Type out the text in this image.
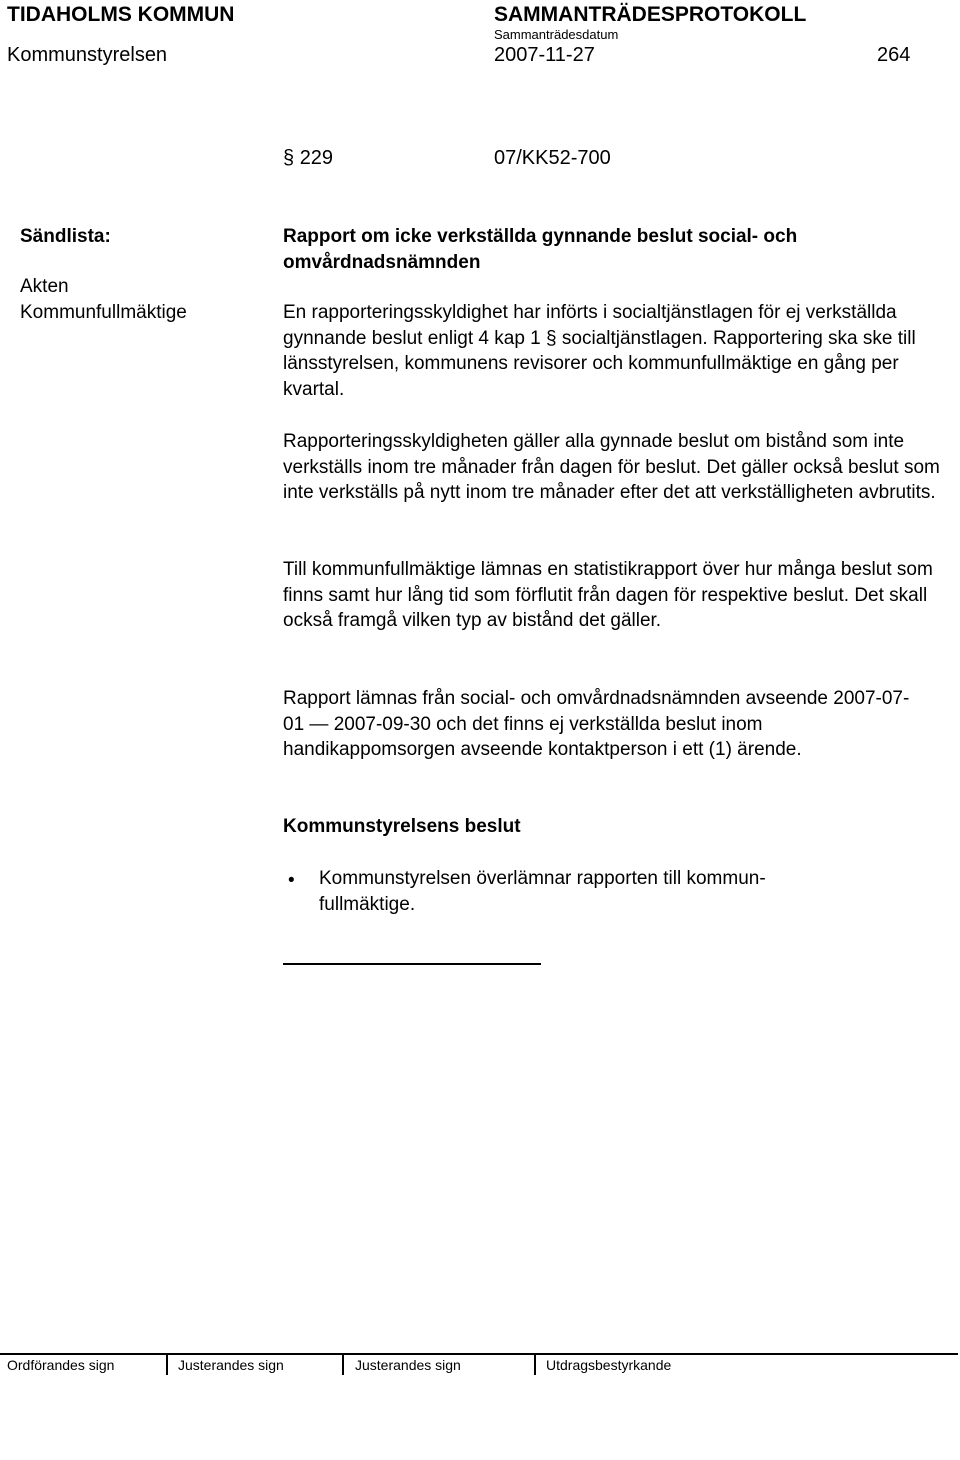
TIDAHOLMS KOMMUN	SAMMANTRÄDESPROTOKOLL
Sammanträdesdatum
Kommunstyrelsen	2007-11-27	264
§ 229	07/KK52-700
Sändlista:
Akten
Kommunfullmäktige
Rapport om icke verkställda gynnande beslut social- och omvårdnadsnämnden

En rapporteringsskyldighet har införts i socialtjänstlagen för ej verkställda gynnande beslut enligt 4 kap 1 § socialtjänstlagen. Rapportering ska ske till länsstyrelsen, kommunens revisorer och kommunfullmäktige en gång per kvartal.

Rapporteringsskyldigheten gäller alla gynnade beslut om bistånd som inte verkställs inom tre månader från dagen för beslut. Det gäller också beslut som inte verkställs på nytt inom tre månader efter det att verkställigheten avbrutits.

Till kommunfullmäktige lämnas en statistikrapport över hur många beslut som finns samt hur lång tid som förflutit från dagen för respektive beslut. Det skall också framgå vilken typ av bistånd det gäller.

Rapport lämnas från social- och omvårdnadsnämnden avseende 2007-07-01 — 2007-09-30 och det finns ej verkställda beslut inom handikappomsorgen avseende kontaktperson i ett (1) ärende.

Kommunstyrelsens beslut
• Kommunstyrelsen överlämnar rapporten till kommun-
fullmäktige.
Ordförandes sign	Justerandes sign	Justerandes sign	Utdragsbestyrkande
